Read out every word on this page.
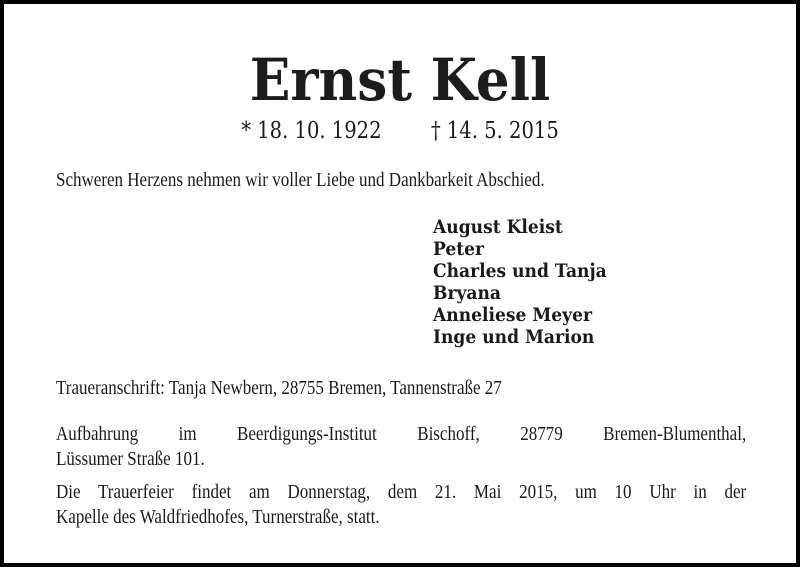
Ernst Kell
* 18. 10. 1922 † 14. 5. 2015

Schweren Herzens nehmen wir voller Liebe und Dankbarkeit Abschied.

August Kleist
Peter
Charles und Tanja
Bryana
Anneliese Meyer
Inge und Marion

Traueranschrift: Tanja Newbern, 28755 Bremen, Tannenstraße 27

Aufbahrung im Beerdigungs-Institut Bischoff, 28779 Bremen-Blumenthal,
Lüssumer Straße 101.
Die Trauerfeier findet am Donnerstag, dem 21. Mai 2015, um 10 Uhr in der
Kapelle des Waldfriedhofes, Turnerstraße, statt.
